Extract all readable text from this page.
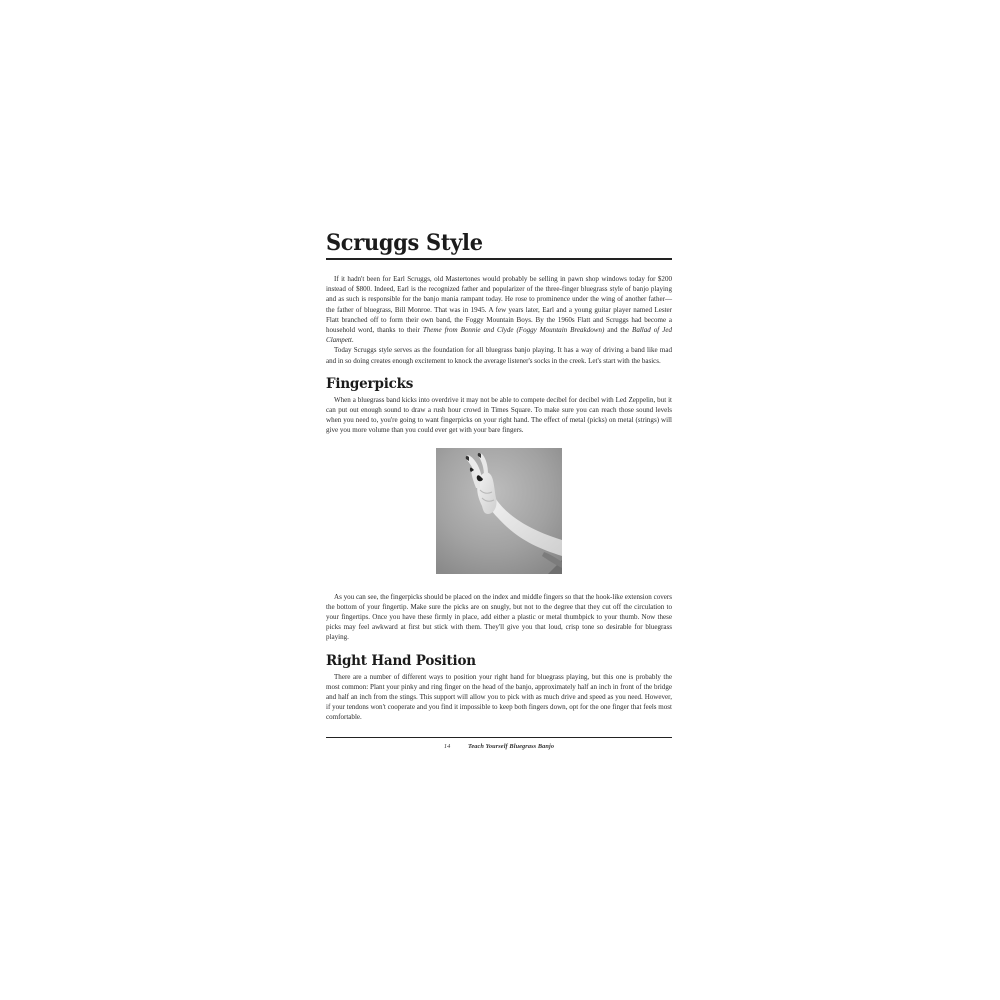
Scruggs Style

If it hadn't been for Earl Scruggs, old Mastertones would probably be selling in pawn shop windows today for $200 instead of $800. Indeed, Earl is the recognized father and popularizer of the three-finger bluegrass style of banjo playing and as such is responsible for the banjo mania rampant today. He rose to prominence under the wing of another father—the father of bluegrass, Bill Monroe. That was in 1945. A few years later, Earl and a young guitar player named Lester Flatt branched off to form their own band, the Foggy Mountain Boys. By the 1960s Flatt and Scruggs had become a household word, thanks to their Theme from Bonnie and Clyde (Foggy Mountain Breakdown) and the Ballad of Jed Clampett.

Today Scruggs style serves as the foundation for all bluegrass banjo playing. It has a way of driving a band like mad and in so doing creates enough excitement to knock the average listener's socks in the creek. Let's start with the basics.

Fingerpicks

When a bluegrass band kicks into overdrive it may not be able to compete decibel for decibel with Led Zeppelin, but it can put out enough sound to draw a rush hour crowd in Times Square. To make sure you can reach those sound levels when you need to, you're going to want fingerpicks on your right hand. The effect of metal (picks) on metal (strings) will give you more volume than you could ever get with your bare fingers.

As you can see, the fingerpicks should be placed on the index and middle fingers so that the hook-like extension covers the bottom of your fingertip. Make sure the picks are on snugly, but not to the degree that they cut off the circulation to your fingertips. Once you have these firmly in place, add either a plastic or metal thumbpick to your thumb. Now these picks may feel awkward at first but stick with them. They'll give you that loud, crisp tone so desirable for bluegrass playing.

Right Hand Position

There are a number of different ways to position your right hand for bluegrass playing, but this one is probably the most common: Plant your pinky and ring finger on the head of the banjo, approximately half an inch in front of the bridge and half an inch from the stings. This support will allow you to pick with as much drive and speed as you need. However, if your tendons won't cooperate and you find it impossible to keep both fingers down, opt for the one finger that feels most comfortable.

14	Teach Yourself Bluegrass Banjo
